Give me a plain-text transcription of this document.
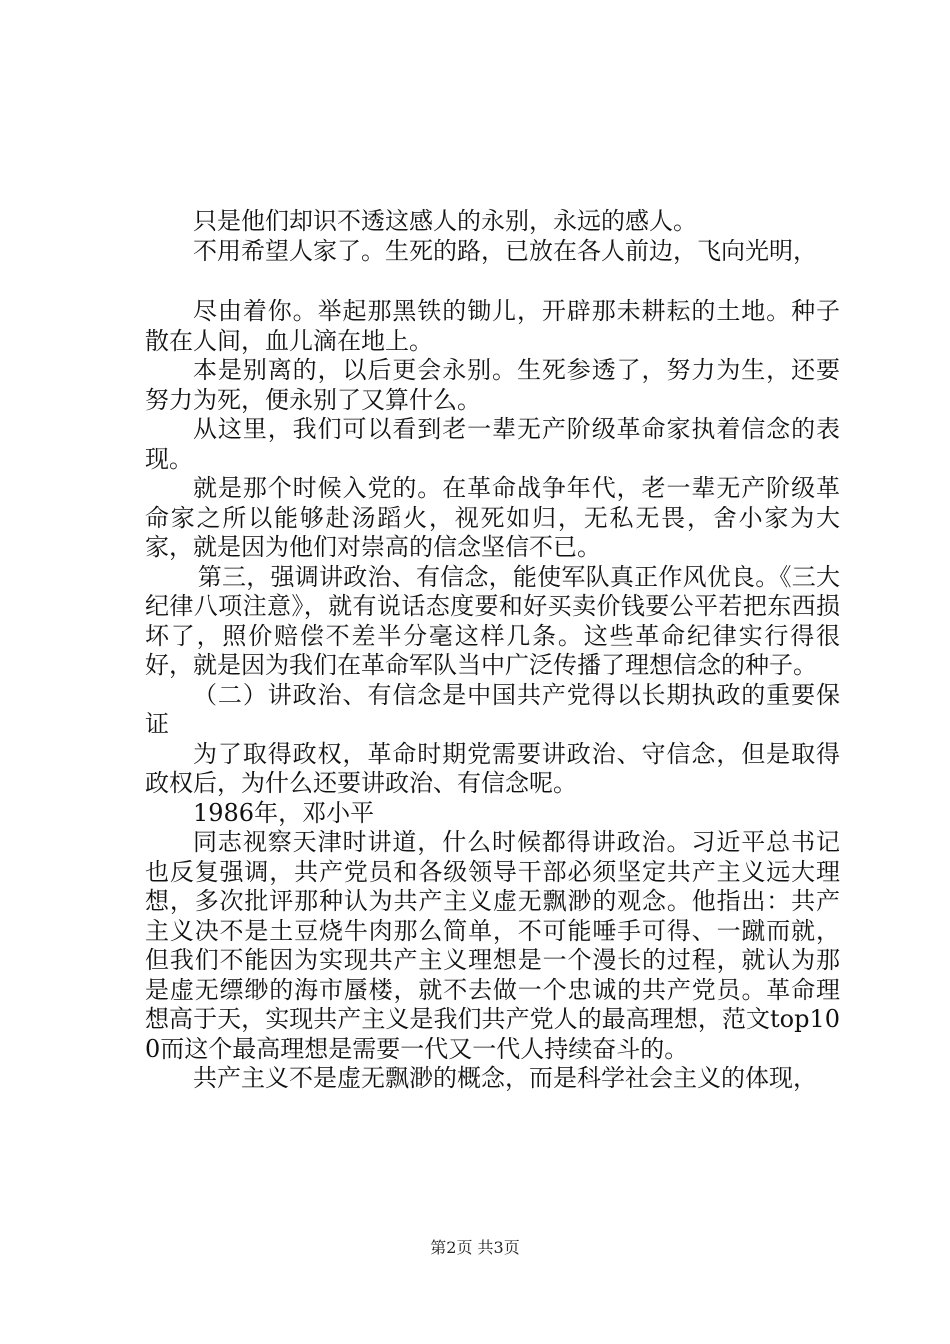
只是他们却识不透这感人的永别，永远的感人。

不用希望人家了。生死的路，已放在各人前边，飞向光明，

尽由着你。举起那黑铁的锄儿，开辟那未耕耘的土地。种子散在人间，血儿滴在地上。

本是别离的，以后更会永别。生死参透了，努力为生，还要努力为死，便永别了又算什么。

从这里，我们可以看到老一辈无产阶级革命家执着信念的表现。

就是那个时候入党的。在革命战争年代，老一辈无产阶级革命家之所以能够赴汤蹈火，视死如归，无私无畏，舍小家为大家，就是因为他们对崇高的信念坚信不已。

第三，强调讲政治、有信念，能使军队真正作风优良。《三大纪律八项注意》，就有说话态度要和好买卖价钱要公平若把东西损坏了，照价赔偿不差半分毫这样几条。这些革命纪律实行得很好，就是因为我们在革命军队当中广泛传播了理想信念的种子。

（二）讲政治、有信念是中国共产党得以长期执政的重要保证

为了取得政权，革命时期党需要讲政治、守信念，但是取得政权后，为什么还要讲政治、有信念呢。

1986年，邓小平

同志视察天津时讲道，什么时候都得讲政治。习近平总书记也反复强调，共产党员和各级领导干部必须坚定共产主义远大理想，多次批评那种认为共产主义虚无飘渺的观念。他指出：共产主义决不是土豆烧牛肉那么简单，不可能唾手可得、一蹴而就，但我们不能因为实现共产主义理想是一个漫长的过程，就认为那是虚无缥缈的海市蜃楼，就不去做一个忠诚的共产党员。革命理想高于天，实现共产主义是我们共产党人的最高理想，范文top100而这个最高理想是需要一代又一代人持续奋斗的。

共产主义不是虚无飘渺的概念，而是科学社会主义的体现，

第2页 共3页
